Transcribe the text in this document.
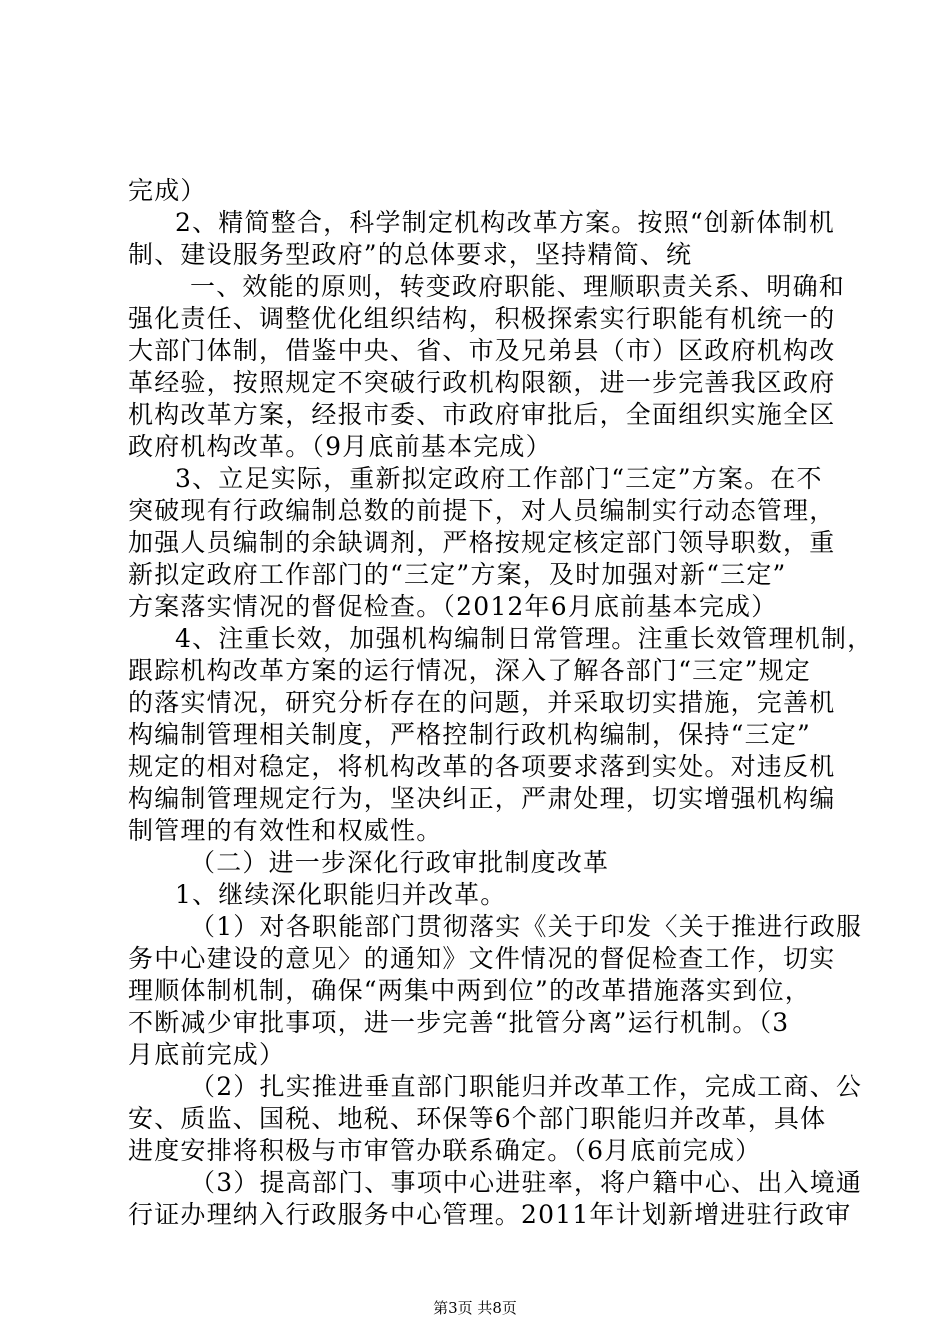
完成）
2、精简整合，科学制定机构改革方案。按照“创新体制机
制、建设服务型政府”的总体要求，坚持精简、统
一、效能的原则，转变政府职能、理顺职责关系、明确和
强化责任、调整优化组织结构，积极探索实行职能有机统一的
大部门体制，借鉴中央、省、市及兄弟县（市）区政府机构改
革经验，按照规定不突破行政机构限额，进一步完善我区政府
机构改革方案，经报市委、市政府审批后，全面组织实施全区
政府机构改革。（9月底前基本完成）
3、立足实际，重新拟定政府工作部门“三定”方案。在不
突破现有行政编制总数的前提下，对人员编制实行动态管理，
加强人员编制的余缺调剂，严格按规定核定部门领导职数，重
新拟定政府工作部门的“三定”方案，及时加强对新“三定”
方案落实情况的督促检查。（2012年6月底前基本完成）
4、注重长效，加强机构编制日常管理。注重长效管理机制，
跟踪机构改革方案的运行情况，深入了解各部门“三定”规定
的落实情况，研究分析存在的问题，并采取切实措施，完善机
构编制管理相关制度，严格控制行政机构编制，保持“三定”
规定的相对稳定，将机构改革的各项要求落到实处。对违反机
构编制管理规定行为，坚决纠正，严肃处理，切实增强机构编
制管理的有效性和权威性。
（二）进一步深化行政审批制度改革
1、继续深化职能归并改革。
（1）对各职能部门贯彻落实《关于印发〈关于推进行政服
务中心建设的意见〉的通知》文件情况的督促检查工作，切实
理顺体制机制，确保“两集中两到位”的改革措施落实到位，
不断减少审批事项，进一步完善“批管分离”运行机制。（3
月底前完成）
（2）扎实推进垂直部门职能归并改革工作，完成工商、公
安、质监、国税、地税、环保等6个部门职能归并改革，具体
进度安排将积极与市审管办联系确定。（6月底前完成）
（3）提高部门、事项中心进驻率，将户籍中心、出入境通
行证办理纳入行政服务中心管理。2011年计划新增进驻行政审
第3页 共8页
